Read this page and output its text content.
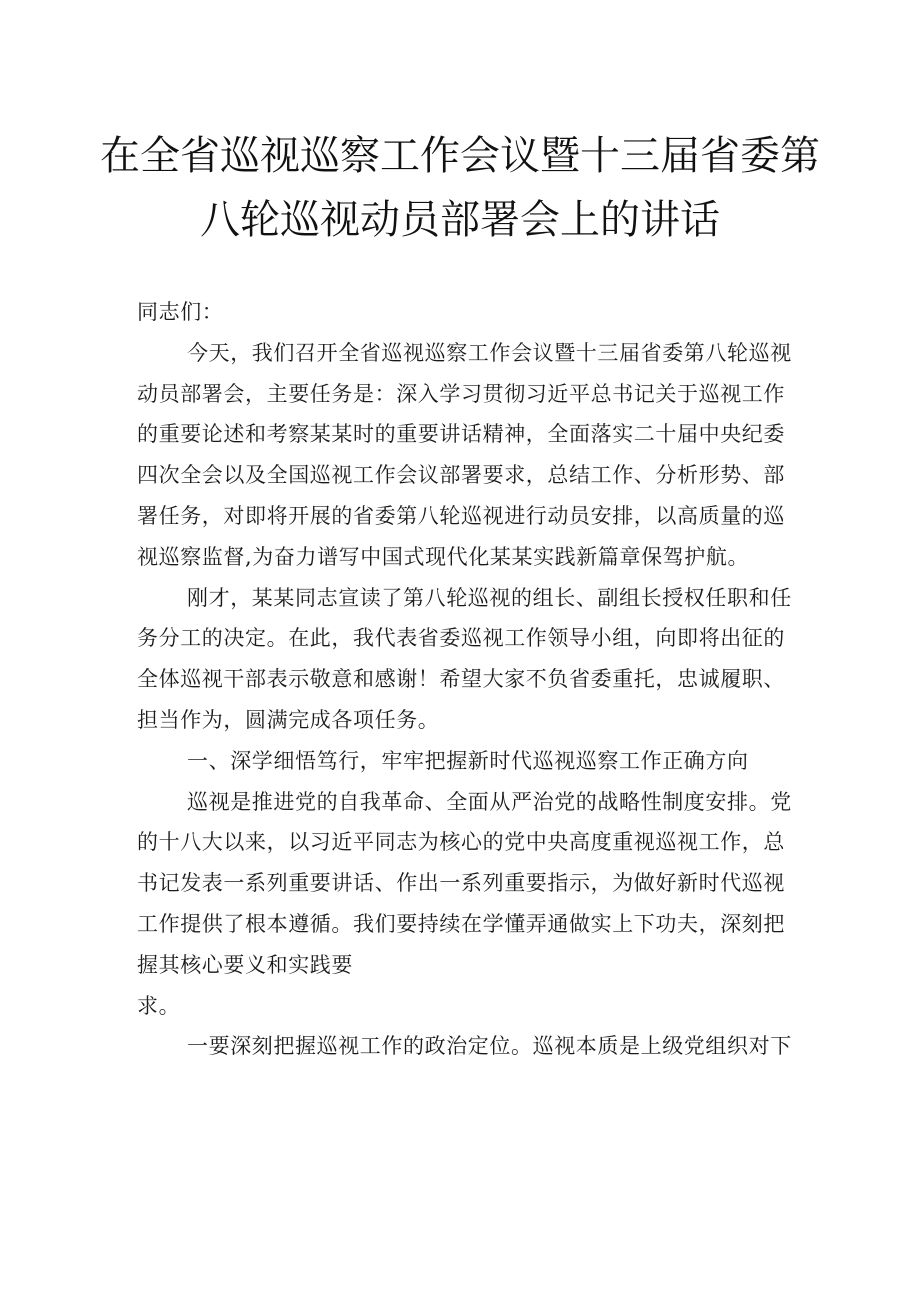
在全省巡视巡察工作会议暨十三届省委第
八轮巡视动员部署会上的讲话

同志们：

今天，我们召开全省巡视巡察工作会议暨十三届省委第八轮巡视
动员部署会，主要任务是：深入学习贯彻习近平总书记关于巡视工作
的重要论述和考察某某时的重要讲话精神，全面落实二十届中央纪委
四次全会以及全国巡视工作会议部署要求，总结工作、分析形势、部
署任务，对即将开展的省委第八轮巡视进行动员安排，以高质量的巡
视巡察监督,为奋力谱写中国式现代化某某实践新篇章保驾护航。

刚才，某某同志宣读了第八轮巡视的组长、副组长授权任职和任
务分工的决定。在此，我代表省委巡视工作领导小组，向即将出征的
全体巡视干部表示敬意和感谢！希望大家不负省委重托，忠诚履职、
担当作为，圆满完成各项任务。

一、深学细悟笃行，牢牢把握新时代巡视巡察工作正确方向

巡视是推进党的自我革命、全面从严治党的战略性制度安排。党
的十八大以来，以习近平同志为核心的党中央高度重视巡视工作，总
书记发表一系列重要讲话、作出一系列重要指示，为做好新时代巡视
工作提供了根本遵循。我们要持续在学懂弄通做实上下功夫，深刻把
握其核心要义和实践要
求。

一要深刻把握巡视工作的政治定位。巡视本质是上级党组织对下
